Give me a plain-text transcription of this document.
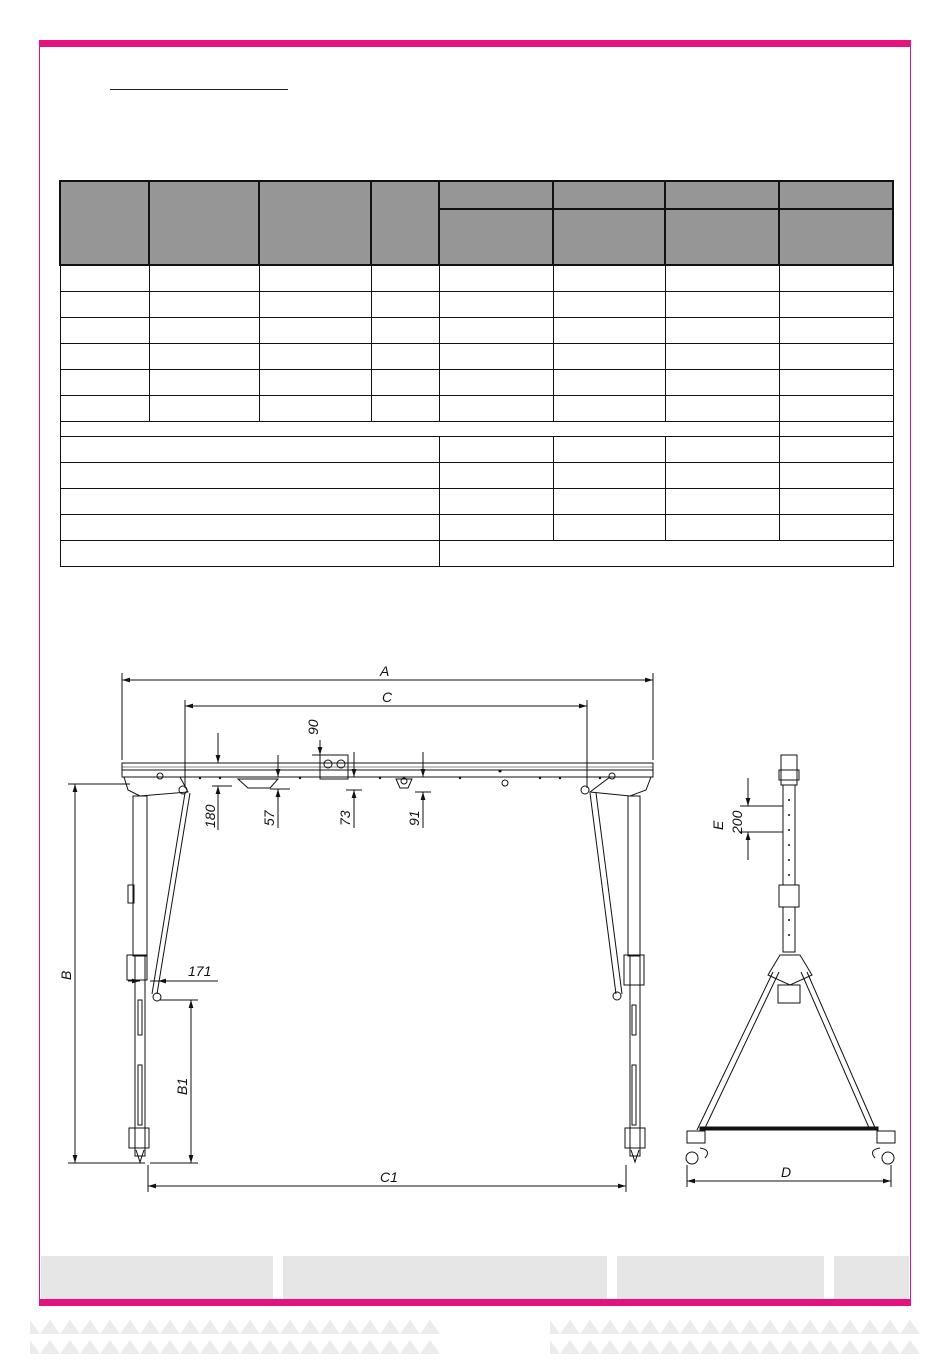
A
C
C1	D
171
B
B1
180	57
90
73	91	E 200
